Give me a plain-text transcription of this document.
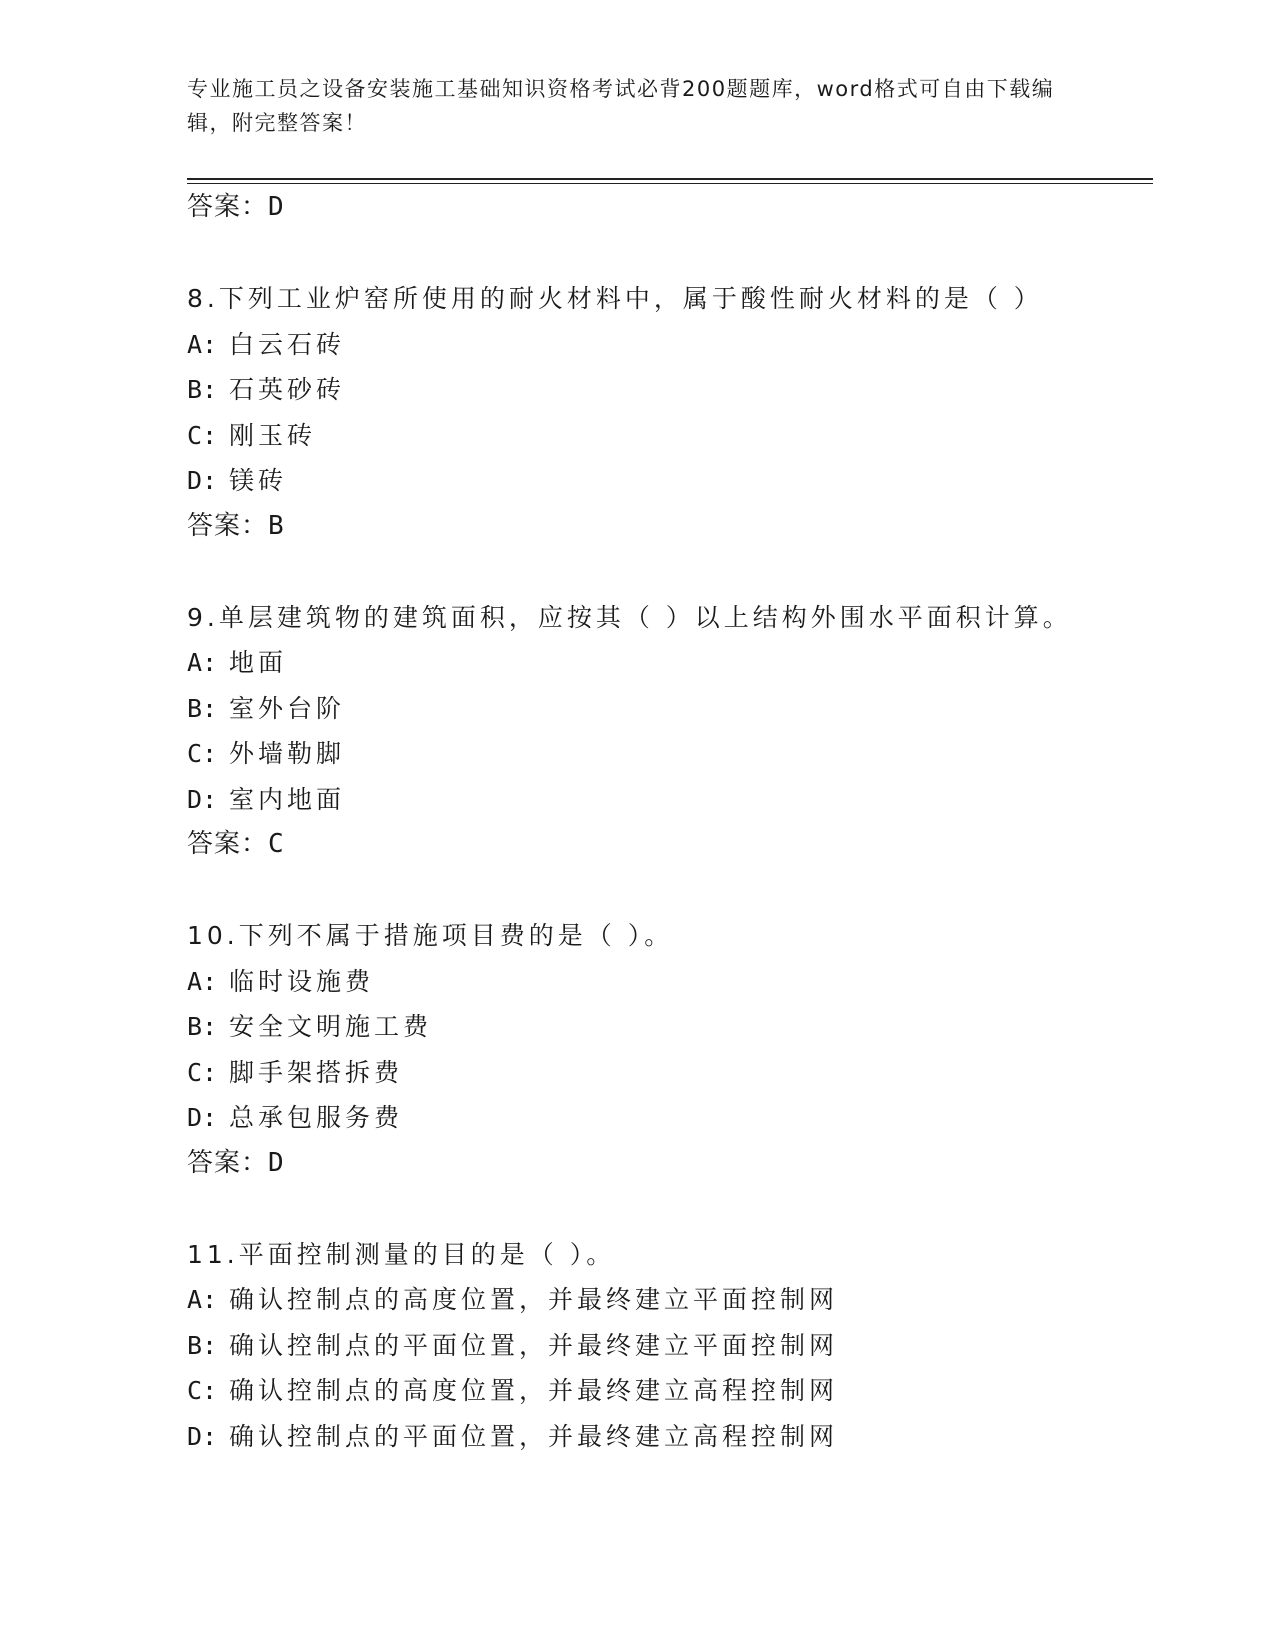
专业施工员之设备安装施工基础知识资格考试必背200题题库，word格式可自由下载编辑，附完整答案！
答案：D
8.下列工业炉窑所使用的耐火材料中，属于酸性耐火材料的是（ ）
A: 白云石砖
B: 石英砂砖
C: 刚玉砖
D: 镁砖
答案：B
9.单层建筑物的建筑面积，应按其（ ）以上结构外围水平面积计算。
A: 地面
B: 室外台阶
C: 外墙勒脚
D: 室内地面
答案：C
10.下列不属于措施项目费的是（ ）。
A: 临时设施费
B: 安全文明施工费
C: 脚手架搭拆费
D: 总承包服务费
答案：D
11.平面控制测量的目的是（ ）。
A: 确认控制点的高度位置，并最终建立平面控制网
B: 确认控制点的平面位置，并最终建立平面控制网
C: 确认控制点的高度位置，并最终建立高程控制网
D: 确认控制点的平面位置，并最终建立高程控制网
